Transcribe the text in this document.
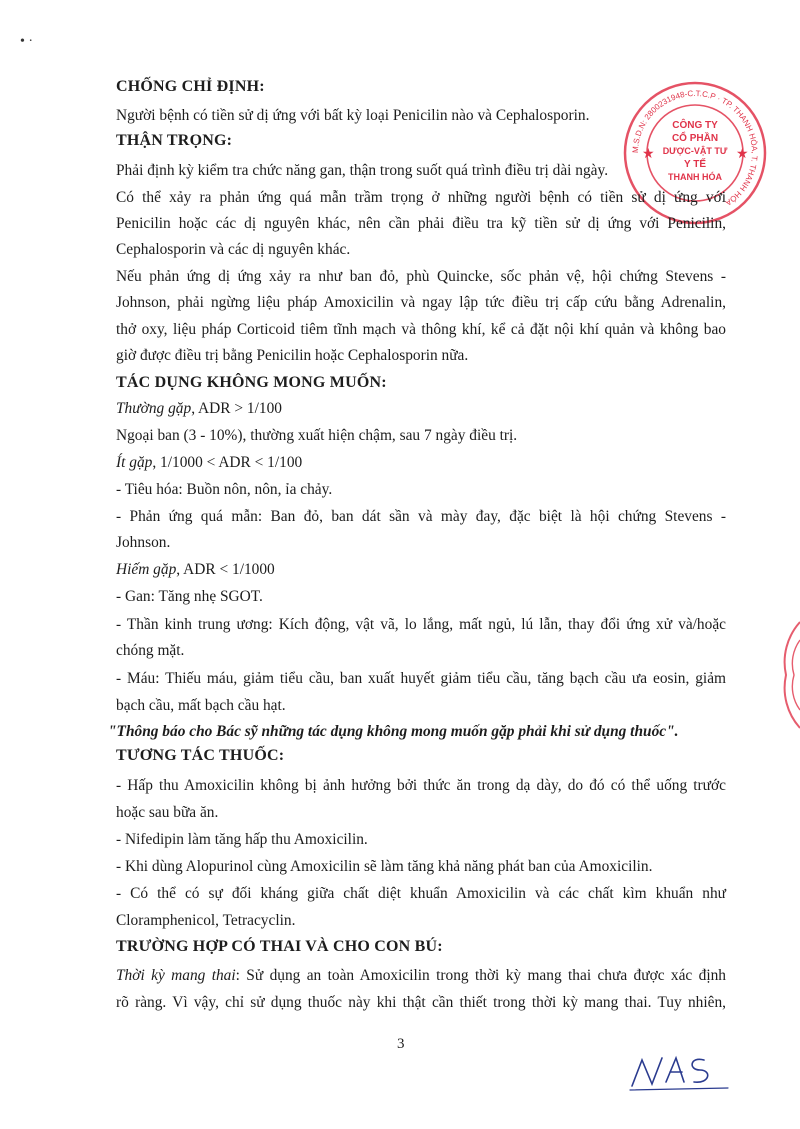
• ·
★	★
CÔNG TY
CỔ PHẦN
DƯỢC-VẬT TƯ
Y TẾ
THANH HÓA
M.S.D.N: 2800231948-C.T.C.P · TP. THANH HÓA, T. THANH HÓA
CHỐNG CHỈ ĐỊNH:
Người bệnh có tiền sử dị ứng với bất kỳ loại Penicilin nào và Cephalosporin.
THẬN TRỌNG:
Phải định kỳ kiểm tra chức năng gan, thận trong suốt quá trình điều trị dài ngày.
Có thể xảy ra phản ứng quá mẫn trầm trọng ở những người bệnh có tiền sử dị ứng với
Penicilin hoặc các dị nguyên khác, nên cần phải điều tra kỹ tiền sử dị ứng với Penicilin,
Cephalosporin và các dị nguyên khác.
Nếu phản ứng dị ứng xảy ra như ban đỏ, phù Quincke, sốc phản vệ, hội chứng Stevens -
Johnson, phải ngừng liệu pháp Amoxicilin và ngay lập tức điều trị cấp cứu bằng Adrenalin,
thở oxy, liệu pháp Corticoid tiêm tĩnh mạch và thông khí, kể cả đặt nội khí quản và không bao
giờ được điều trị bằng Penicilin hoặc Cephalosporin nữa.
TÁC DỤNG KHÔNG MONG MUỐN:
Thường gặp, ADR > 1/100
Ngoại ban (3 - 10%), thường xuất hiện chậm, sau 7 ngày điều trị.
Ít gặp, 1/1000 < ADR < 1/100
- Tiêu hóa: Buồn nôn, nôn, ỉa chảy.
- Phản ứng quá mẫn: Ban đỏ, ban dát sần và mày đay, đặc biệt là hội chứng Stevens -
Johnson.
Hiếm gặp, ADR < 1/1000
- Gan: Tăng nhẹ SGOT.
- Thần kinh trung ương: Kích động, vật vã, lo lắng, mất ngủ, lú lẫn, thay đổi ứng xử và/hoặc
chóng mặt.
- Máu: Thiếu máu, giảm tiểu cầu, ban xuất huyết giảm tiểu cầu, tăng bạch cầu ưa eosin, giảm
bạch cầu, mất bạch cầu hạt.
"Thông báo cho Bác sỹ những tác dụng không mong muốn gặp phải khi sử dụng thuốc".
TƯƠNG TÁC THUỐC:
- Hấp thu Amoxicilin không bị ảnh hưởng bởi thức ăn trong dạ dày, do đó có thể uống trước
hoặc sau bữa ăn.
- Nifedipin làm tăng hấp thu Amoxicilin.
- Khi dùng Alopurinol cùng Amoxicilin sẽ làm tăng khả năng phát ban của Amoxicilin.
- Có thể có sự đối kháng giữa chất diệt khuẩn Amoxicilin và các chất kìm khuẩn như
Cloramphenicol, Tetracyclin.
TRƯỜNG HỢP CÓ THAI VÀ CHO CON BÚ:
Thời kỳ mang thai: Sử dụng an toàn Amoxicilin trong thời kỳ mang thai chưa được xác định
rõ ràng. Vì vậy, chỉ sử dụng thuốc này khi thật cần thiết trong thời kỳ mang thai. Tuy nhiên,
3
